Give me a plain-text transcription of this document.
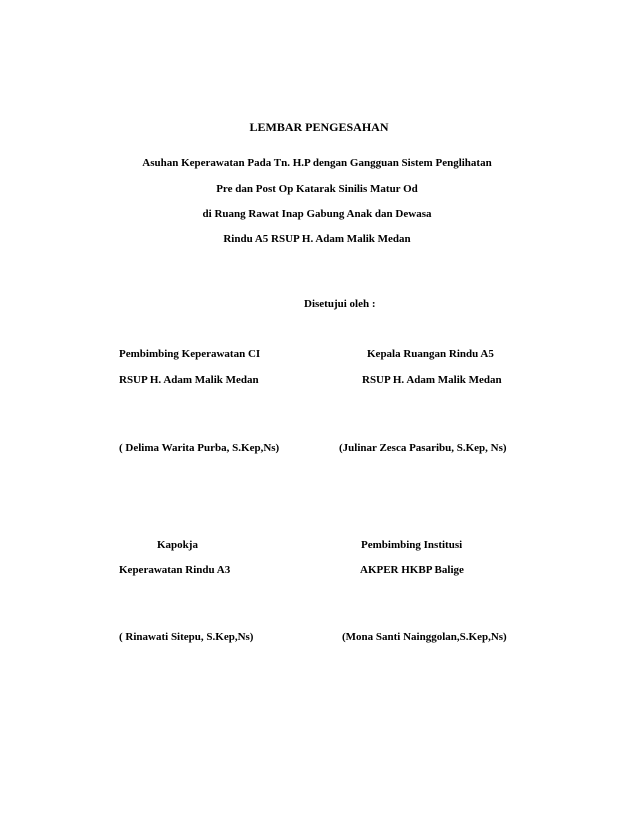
LEMBAR PENGESAHAN
Asuhan Keperawatan Pada Tn. H.P dengan Gangguan Sistem Penglihatan
Pre dan Post Op Katarak Sinilis Matur Od
di Ruang Rawat Inap Gabung Anak dan Dewasa
Rindu A5 RSUP H. Adam Malik Medan
Disetujui oleh :
Pembimbing Keperawatan CI
RSUP H. Adam Malik Medan
( Delima Warita Purba, S.Kep,Ns)
Kepala Ruangan Rindu A5
RSUP H. Adam Malik Medan
(Julinar Zesca Pasaribu, S.Kep, Ns)
Kapokja
Keperawatan Rindu A3
( Rinawati Sitepu, S.Kep,Ns)
Pembimbing Institusi
AKPER HKBP Balige
(Mona Santi Nainggolan,S.Kep,Ns)
